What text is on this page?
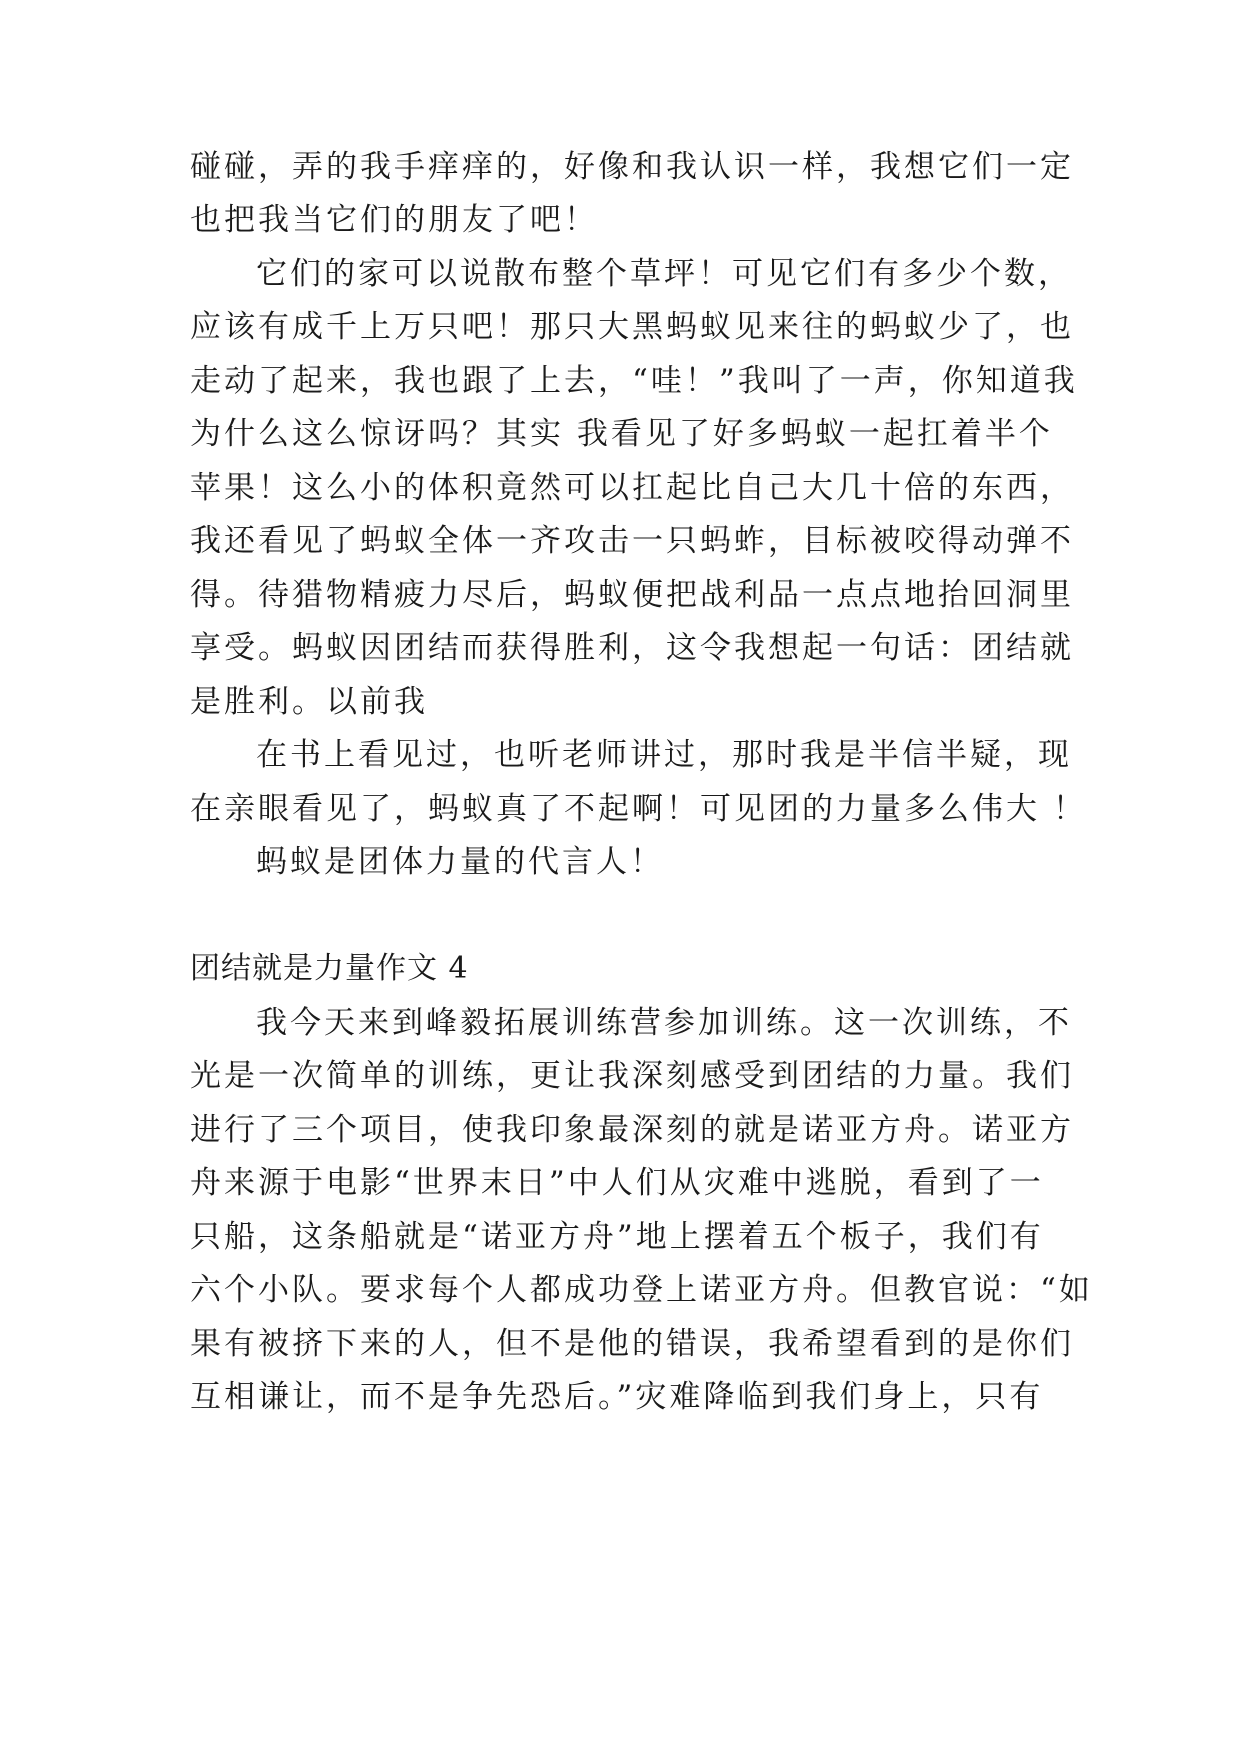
碰碰，弄的我手痒痒的，好像和我认识一样，我想它们一定
也把我当它们的朋友了吧！
它们的家可以说散布整个草坪！可见它们有多少个数，
应该有成千上万只吧！那只大黑蚂蚁见来往的蚂蚁少了，也
走动了起来，我也跟了上去，“哇！”我叫了一声，你知道我
为什么这么惊讶吗？其实 我看见了好多蚂蚁一起扛着半个
苹果！这么小的体积竟然可以扛起比自己大几十倍的东西，
我还看见了蚂蚁全体一齐攻击一只蚂蚱，目标被咬得动弹不
得。待猎物精疲力尽后，蚂蚁便把战利品一点点地抬回洞里
享受。蚂蚁因团结而获得胜利，这令我想起一句话：团结就
是胜利。以前我
在书上看见过，也听老师讲过，那时我是半信半疑，现
在亲眼看见了，蚂蚁真了不起啊！可见团的力量多么伟大 ！
蚂蚁是团体力量的代言人！
团结就是力量作文 4
我今天来到峰毅拓展训练营参加训练。这一次训练，不
光是一次简单的训练，更让我深刻感受到团结的力量。我们
进行了三个项目，使我印象最深刻的就是诺亚方舟。诺亚方
舟来源于电影“世界末日”中人们从灾难中逃脱，看到了一
只船，这条船就是“诺亚方舟”地上摆着五个板子，我们有
六个小队。要求每个人都成功登上诺亚方舟。但教官说：“如
果有被挤下来的人，但不是他的错误，我希望看到的是你们
互相谦让，而不是争先恐后。”灾难降临到我们身上，只有
